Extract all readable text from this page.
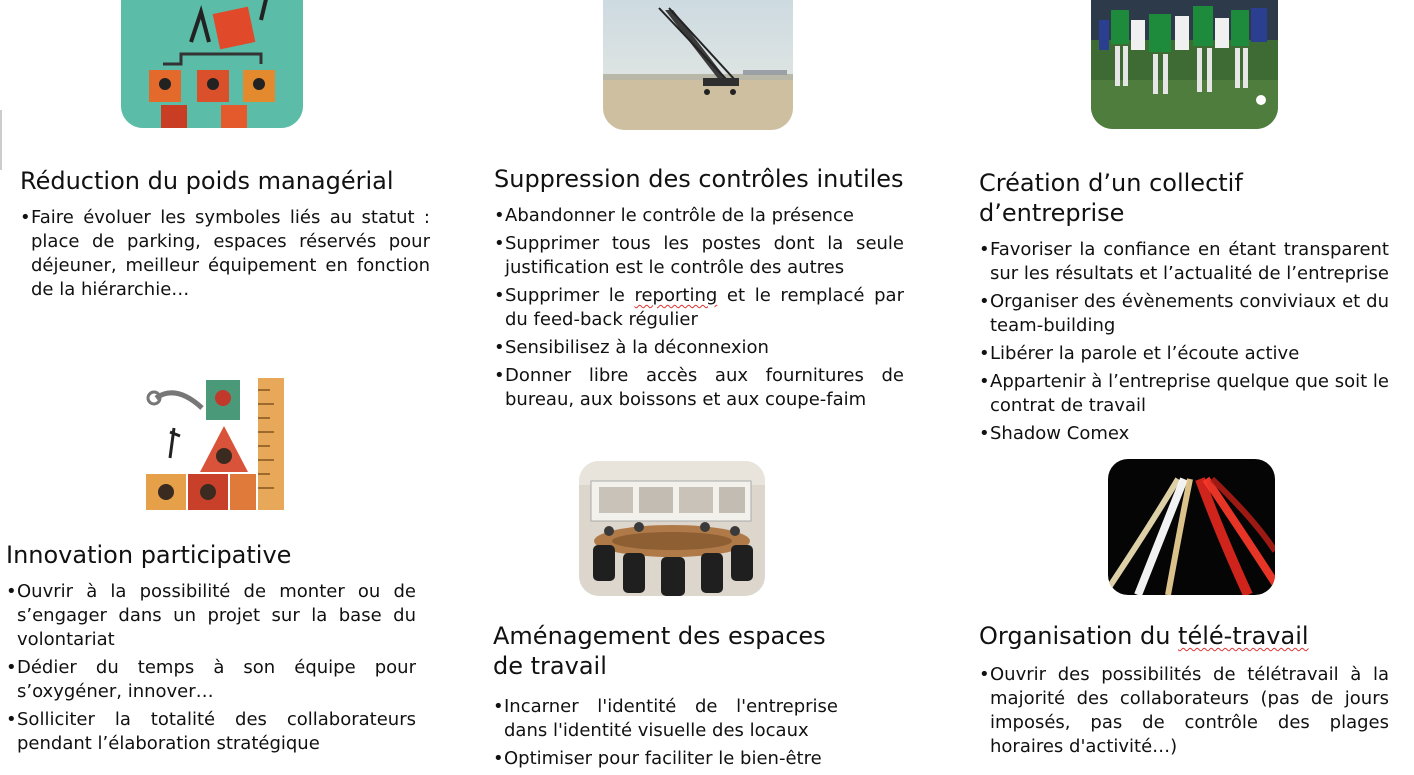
Réduction du poids managérial
• Faire évoluer les symboles liés au statut : place de parking, espaces réservés pour déjeuner, meilleur équipement en fonction de la hiérarchie…
Suppression des contrôles inutiles
• Abandonner le contrôle de la présence
• Supprimer tous les postes dont la seule justification est le contrôle des autres
• Supprimer le reporting et le remplacé par du feed-back régulier
• Sensibilisez à la déconnexion
• Donner libre accès aux fournitures de bureau, aux boissons et aux coupe-faim
Création d’un collectif d’entreprise
• Favoriser la confiance en étant transparent sur les résultats et l’actualité de l’entreprise
• Organiser des évènements conviviaux et du team-building
• Libérer la parole et l’écoute active
• Appartenir à l’entreprise quelque que soit le contrat de travail
• Shadow Comex
Innovation participative
• Ouvrir à la possibilité de monter ou de s’engager dans un projet sur la base du volontariat
• Dédier du temps à son équipe pour s’oxygéner, innover…
• Solliciter la totalité des collaborateurs pendant l’élaboration stratégique
Aménagement des espaces de travail
• Incarner l'identité de l'entreprise dans l'identité visuelle des locaux
• Optimiser pour faciliter le bien-être
Organisation du télé-travail
• Ouvrir des possibilités de télétravail à la majorité des collaborateurs (pas de jours imposés, pas de contrôle des plages horaires d'activité…)
